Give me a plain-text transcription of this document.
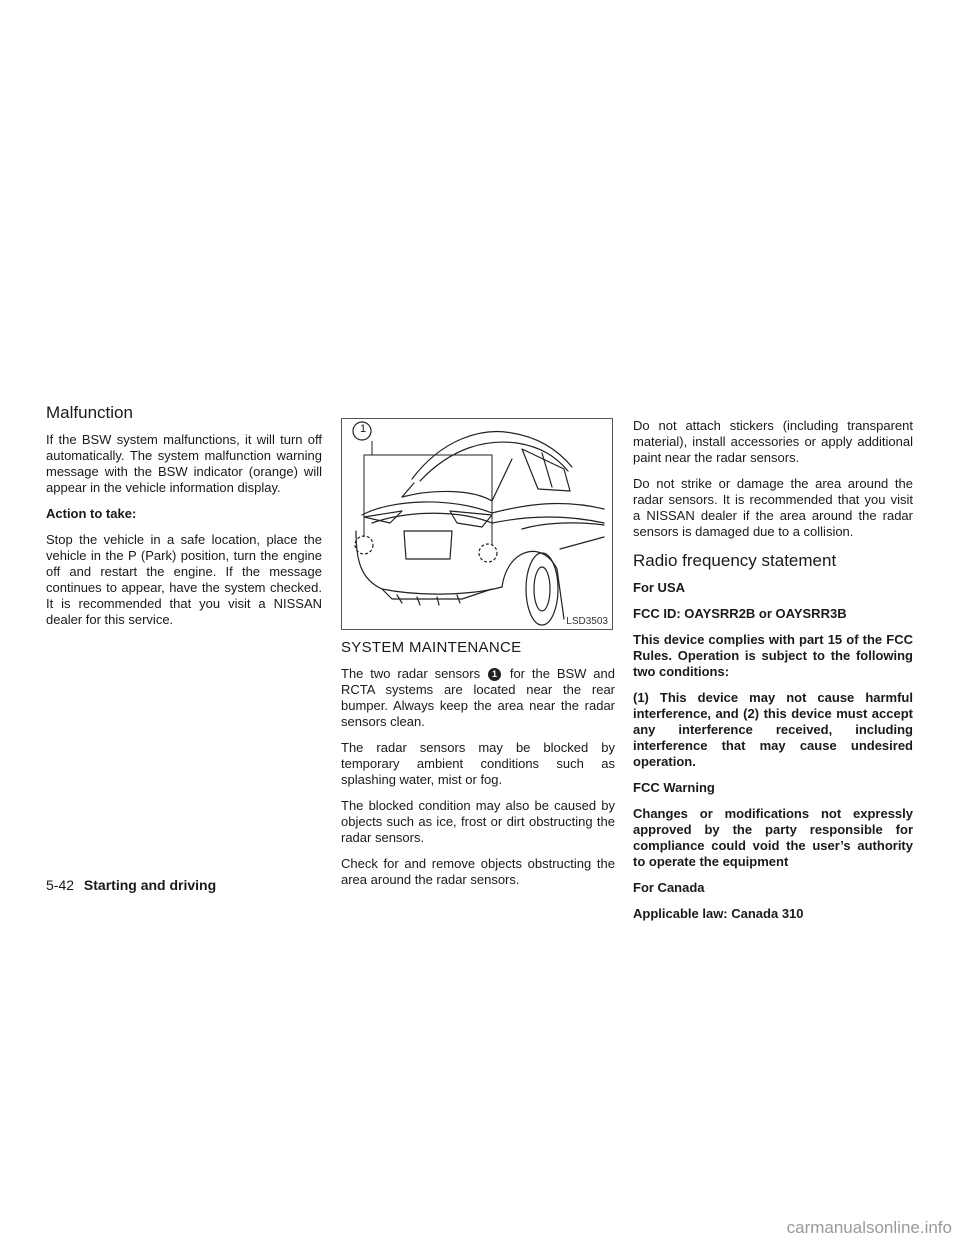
Malfunction

If the BSW system malfunctions, it will turn off automatically. The system malfunction warning message with the BSW indicator (orange) will appear in the vehicle information display.

Action to take:

Stop the vehicle in a safe location, place the vehicle in the P (Park) position, turn the engine off and restart the engine. If the message continues to appear, have the system checked. It is recommended that you visit a NISSAN dealer for this service.

1
LSD3503
SYSTEM MAINTENANCE

The two radar sensors 1 for the BSW and RCTA systems are located near the rear bumper. Always keep the area near the radar sensors clean.

The radar sensors may be blocked by temporary ambient conditions such as splashing water, mist or fog.

The blocked condition may also be caused by objects such as ice, frost or dirt obstructing the radar sensors.

Check for and remove objects obstructing the area around the radar sensors.

Do not attach stickers (including transparent material), install accessories or apply additional paint near the radar sensors.

Do not strike or damage the area around the radar sensors. It is recommended that you visit a NISSAN dealer if the area around the radar sensors is damaged due to a collision.

Radio frequency statement

For USA

FCC ID: OAYSRR2B or OAYSRR3B

This device complies with part 15 of the FCC Rules. Operation is subject to the following two conditions:

(1) This device may not cause harmful interference, and (2) this device must accept any interference received, including interference that may cause undesired operation.

FCC Warning

Changes or modifications not expressly approved by the party responsible for compliance could void the user’s authority to operate the equipment

For Canada

Applicable law: Canada 310

5-42 Starting and driving
carmanualsonline.info
